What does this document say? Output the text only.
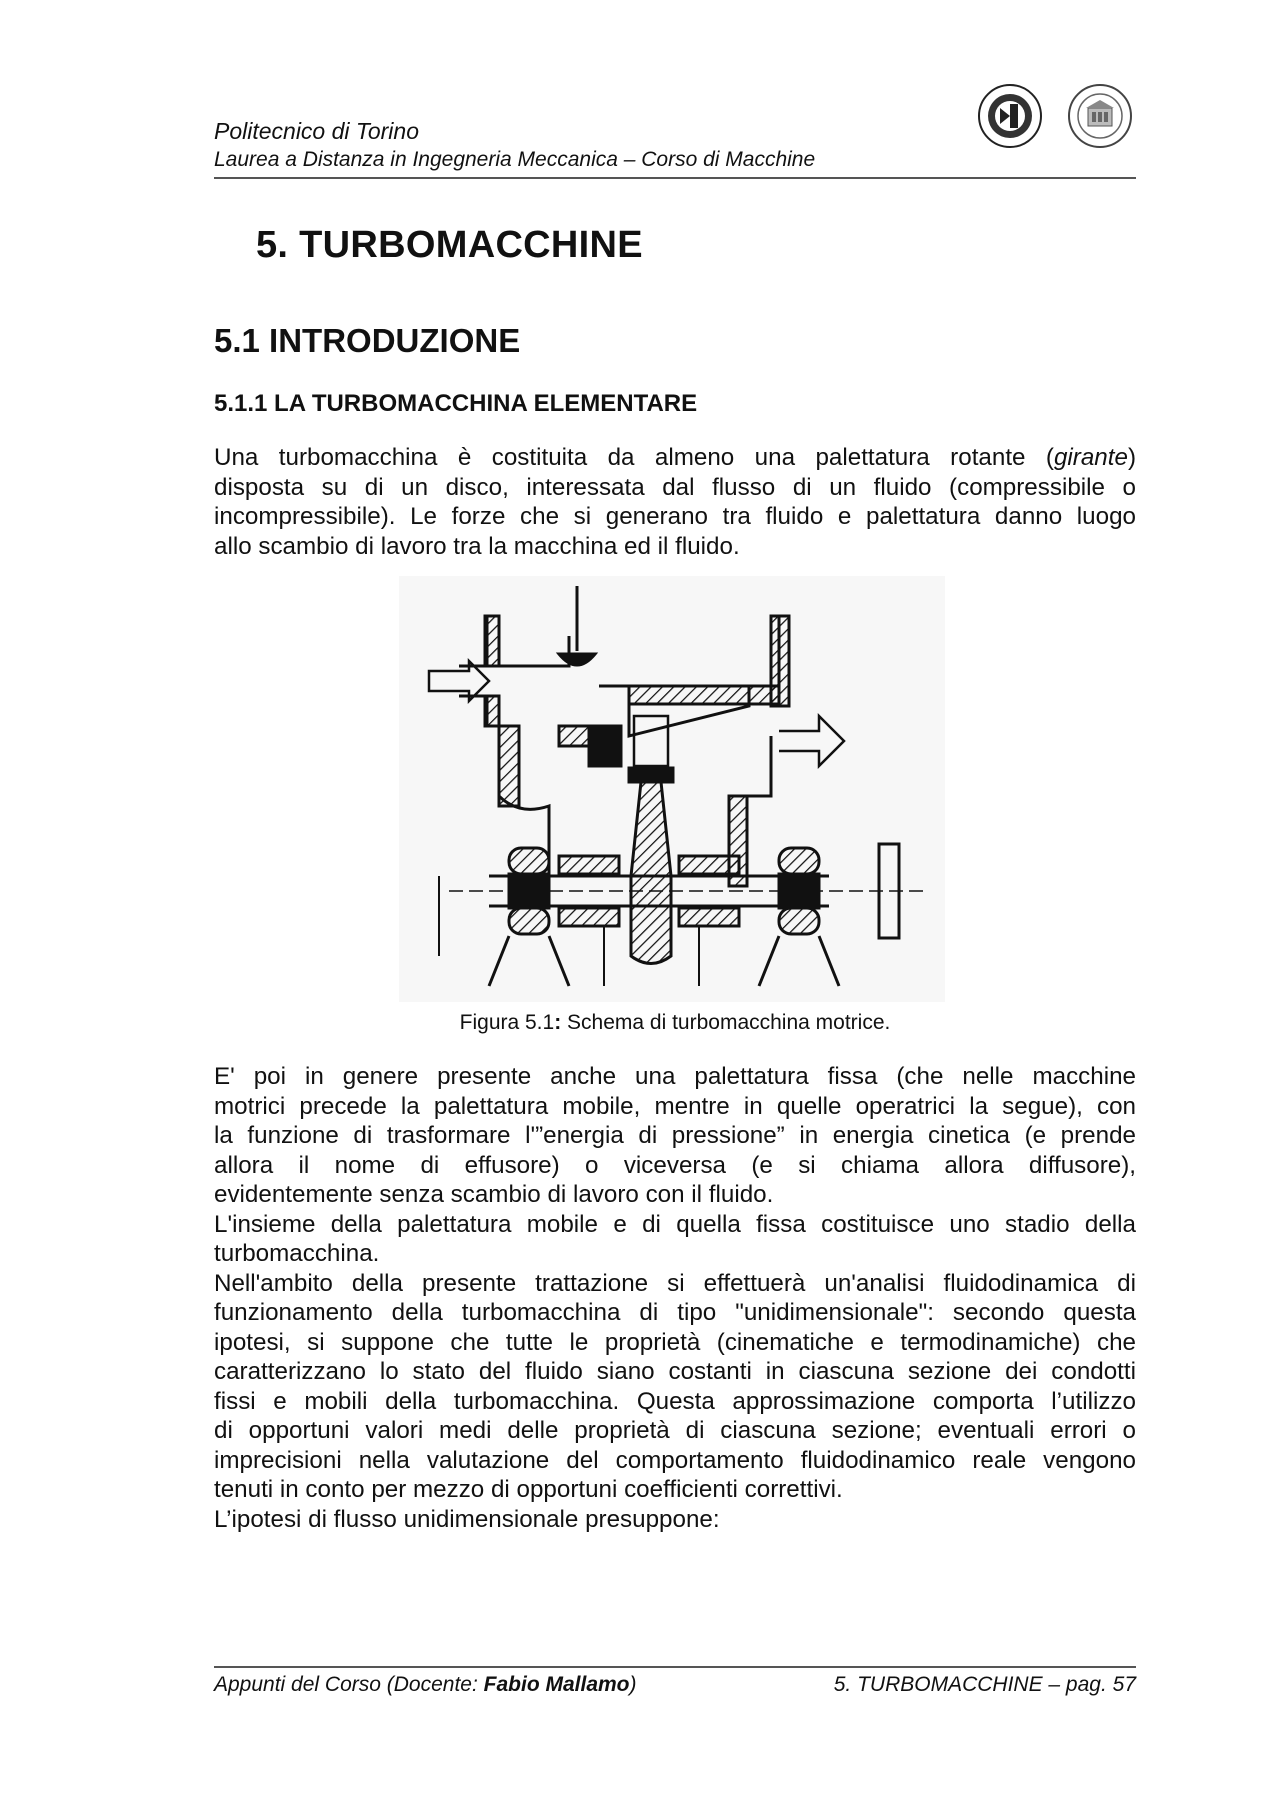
Politecnico di Torino
Laurea a Distanza in Ingegneria Meccanica – Corso di Macchine
5. TURBOMACCHINE
5.1 INTRODUZIONE
5.1.1 LA TURBOMACCHINA ELEMENTARE
Una turbomacchina è costituita da almeno una palettatura rotante (girante)
disposta su di un disco, interessata dal flusso di un fluido (compressibile o
incompressibile). Le forze che si generano tra fluido e palettatura danno luogo
allo scambio di lavoro tra la macchina ed il fluido.
Figura 5.1: Schema di turbomacchina motrice.
E' poi in genere presente anche una palettatura fissa (che nelle macchine
motrici precede la palettatura mobile, mentre in quelle operatrici la segue), con
la funzione di trasformare l'”energia di pressione” in energia cinetica (e prende
allora il nome di effusore) o viceversa (e si chiama allora diffusore),
evidentemente senza scambio di lavoro con il fluido.
L'insieme della palettatura mobile e di quella fissa costituisce uno stadio della
turbomacchina.
Nell'ambito della presente trattazione si effettuerà un'analisi fluidodinamica di
funzionamento della turbomacchina di tipo "unidimensionale": secondo questa
ipotesi, si suppone che tutte le proprietà (cinematiche e termodinamiche) che
caratterizzano lo stato del fluido siano costanti in ciascuna sezione dei condotti
fissi e mobili della turbomacchina. Questa approssimazione comporta l’utilizzo
di opportuni valori medi delle proprietà di ciascuna sezione; eventuali errori o
imprecisioni nella valutazione del comportamento fluidodinamico reale vengono
tenuti in conto per mezzo di opportuni coefficienti correttivi.
L’ipotesi di flusso unidimensionale presuppone:
Appunti del Corso (Docente: Fabio Mallamo)	5. TURBOMACCHINE – pag. 57
